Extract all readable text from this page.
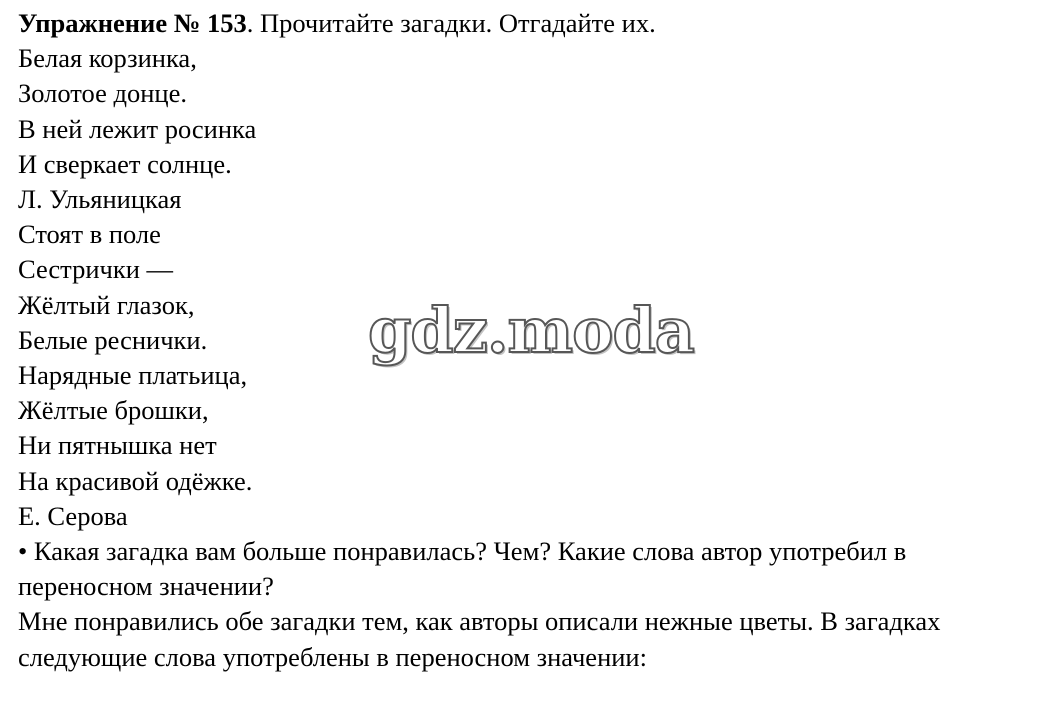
Упражнение № 153. Прочитайте загадки. Отгадайте их.
Белая корзинка,
Золотое донце.
В ней лежит росинка
И сверкает солнце.
Л. Ульяницкая
Стоят в поле
Сестрички —
Жёлтый глазок,
Белые реснички.
Нарядные платьица,
Жёлтые брошки,
Ни пятнышка нет
На красивой одёжке.
Е. Серова
• Какая загадка вам больше понравилась? Чем? Какие слова автор употребил в переносном значении?
Мне понравились обе загадки тем, как авторы описали нежные цветы. В загадках следующие слова употреблены в переносном значении:
gdz.moda
